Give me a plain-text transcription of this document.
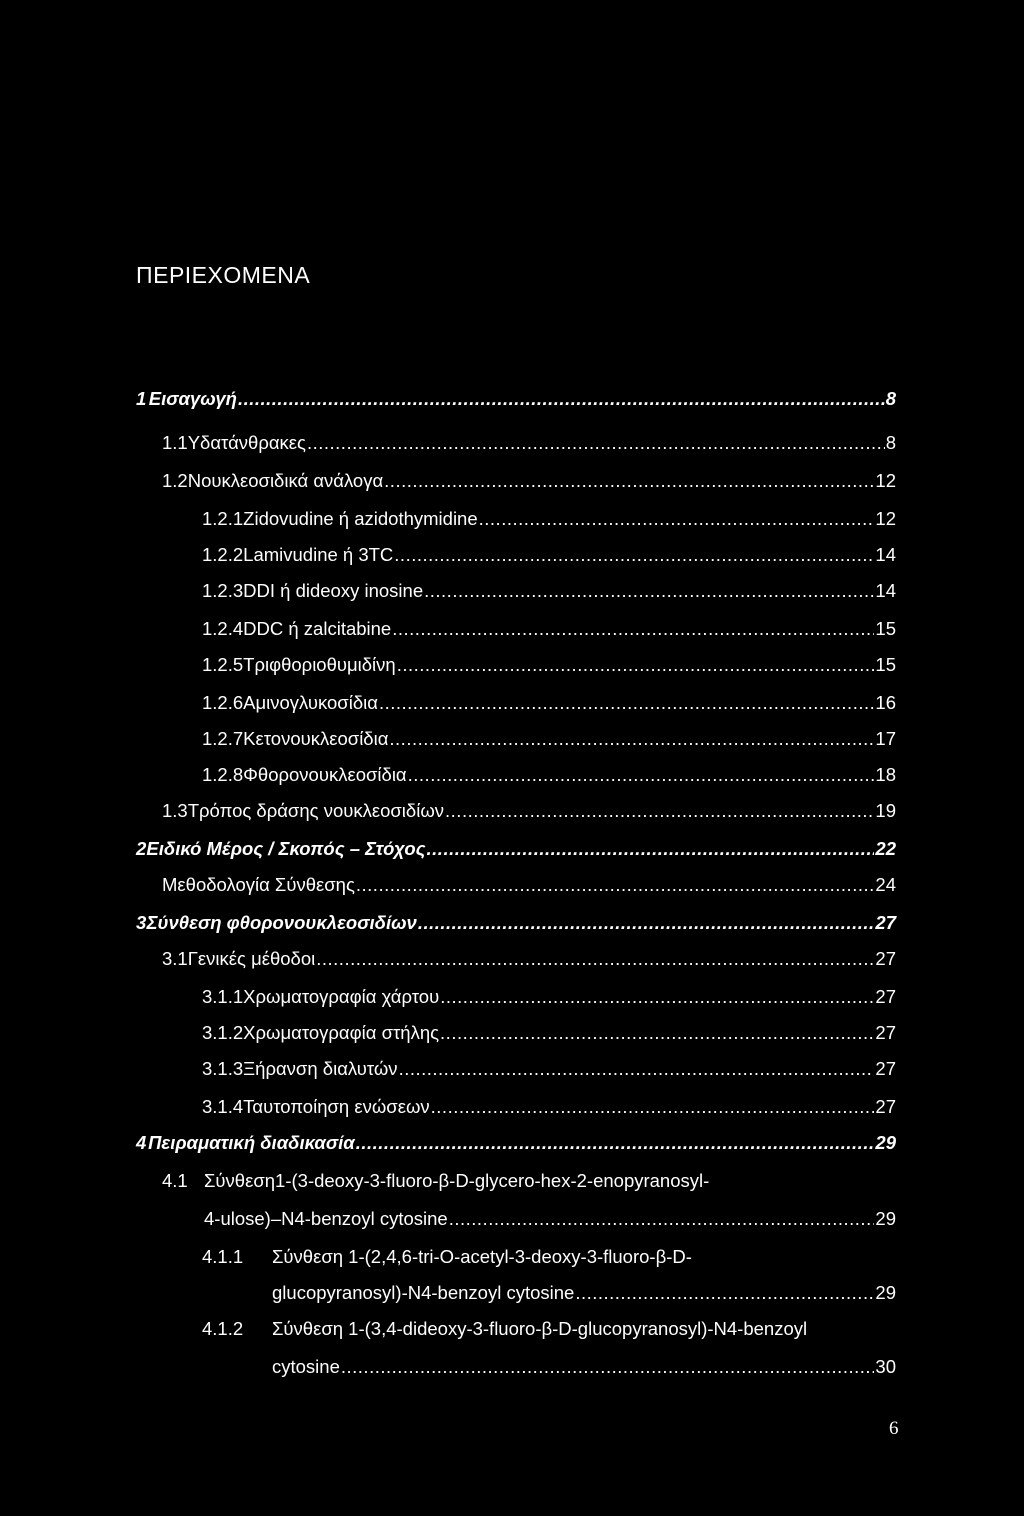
ΠΕΡΙΕΧΟΜΕΝΑ
1 Εισαγωγή .....	8
1.1 Υδατάνθρακες .....	8
1.2 Νουκλεοσιδικά ανάλογα .....	12
1.2.1 Zidovudine ή azidothymidine .....	12
1.2.2 Lamivudine ή 3TC .....	14
1.2.3 DDI ή dideoxy inosine .....	14
1.2.4 DDC ή zalcitabine .....	15
1.2.5 Τριφθοριοθυμιδίνη .....	15
1.2.6 Αμινογλυκοσίδια .....	16
1.2.7 Κετονουκλεοσίδια .....	17
1.2.8 Φθορονουκλεοσίδια .....	18
1.3 Τρόπος δράσης νουκλεοσιδίων .....	19
2 Ειδικό Μέρος / Σκοπός – Στόχος .....	22
Μεθοδολογία Σύνθεσης .....	24
3 Σύνθεση φθορονουκλεοσιδίων .....	27
3.1 Γενικές μέθοδοι .....	27
3.1.1 Χρωματογραφία χάρτου .....	27
3.1.2 Χρωματογραφία στήλης .....	27
3.1.3 Ξήρανση διαλυτών .....	27
3.1.4 Ταυτοποίηση ενώσεων .....	27
4 Πειραματική διαδικασία .....	29
4.1 Σύνθεση1-(3-deoxy-3-fluoro-β-D-glycero-hex-2-enopyranosyl-
4-ulose)–N4-benzoyl cytosine .....	29
4.1.1 Σύνθεση 1-(2,4,6-tri-O-acetyl-3-deoxy-3-fluoro-β-D-
glucopyranosyl)-N4-benzoyl cytosine .....	29
4.1.2 Σύνθεση 1-(3,4-dideoxy-3-fluoro-β-D-glucopyranosyl)-N4-benzoyl
cytosine .....	30
6
